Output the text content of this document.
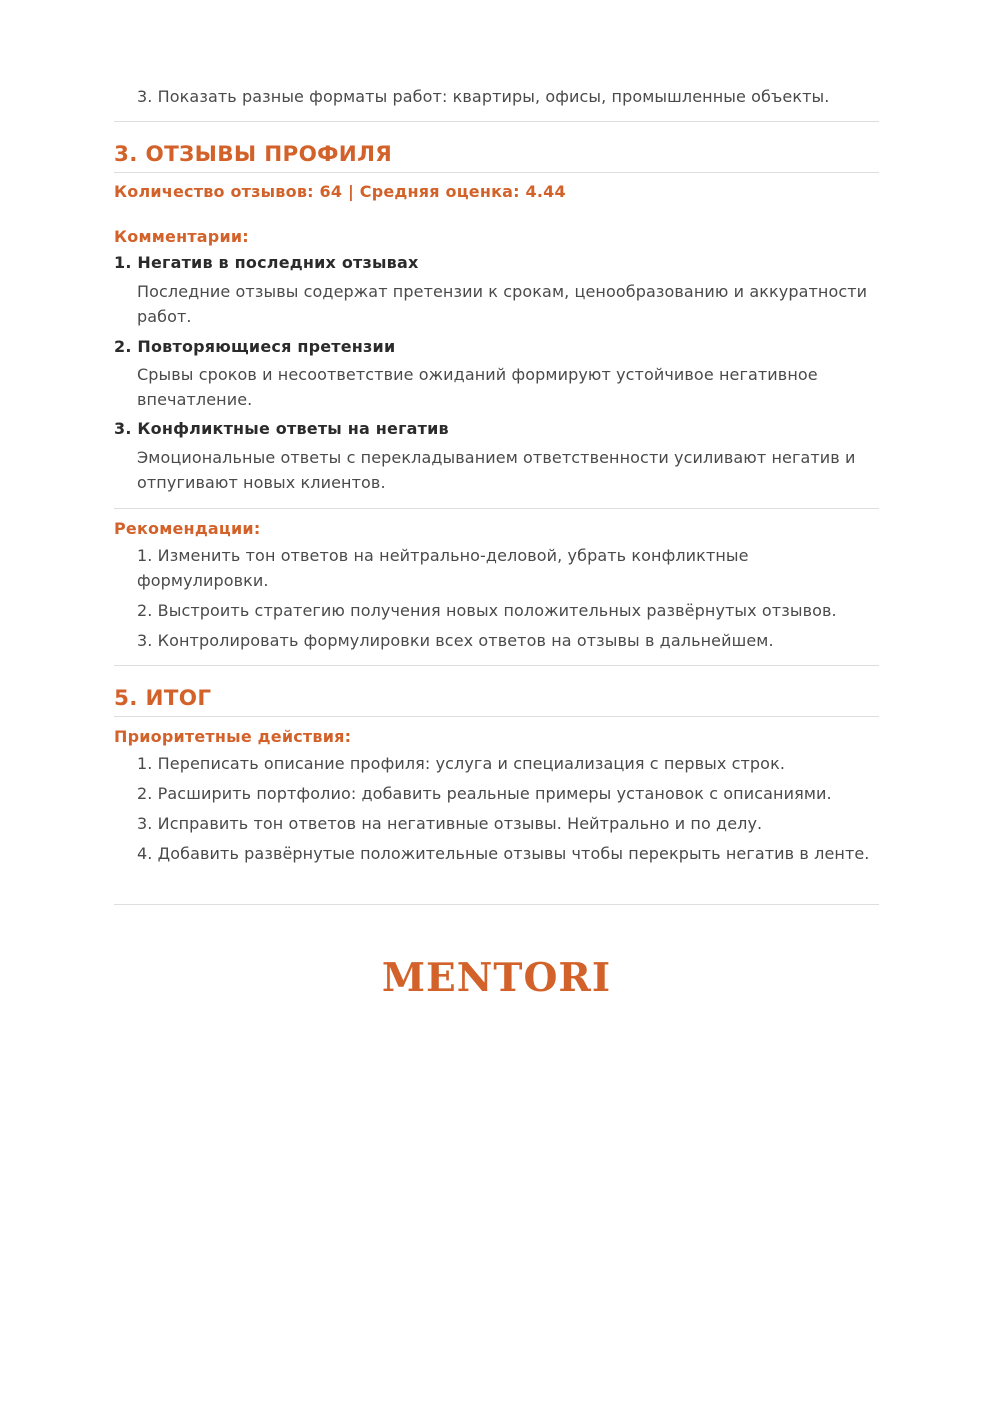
3. Показать разные форматы работ: квартиры, офисы, промышленные объекты.
3. ОТЗЫВЫ ПРОФИЛЯ
Количество отзывов: 64 | Средняя оценка: 4.44
Комментарии:
1. Негатив в последних отзывах
Последние отзывы содержат претензии к срокам, ценообразованию и аккуратности работ.
2. Повторяющиеся претензии
Срывы сроков и несоответствие ожиданий формируют устойчивое негативное впечатление.
3. Конфликтные ответы на негатив
Эмоциональные ответы с перекладыванием ответственности усиливают негатив и отпугивают новых клиентов.
Рекомендации:
1. Изменить тон ответов на нейтрально-деловой, убрать конфликтные формулировки.
2. Выстроить стратегию получения новых положительных развёрнутых отзывов.
3. Контролировать формулировки всех ответов на отзывы в дальнейшем.
5. ИТОГ
Приоритетные действия:
1. Переписать описание профиля: услуга и специализация с первых строк.
2. Расширить портфолио: добавить реальные примеры установок с описаниями.
3. Исправить тон ответов на негативные отзывы. Нейтрально и по делу.
4. Добавить развёрнутые положительные отзывы чтобы перекрыть негатив в ленте.
MENTORI
